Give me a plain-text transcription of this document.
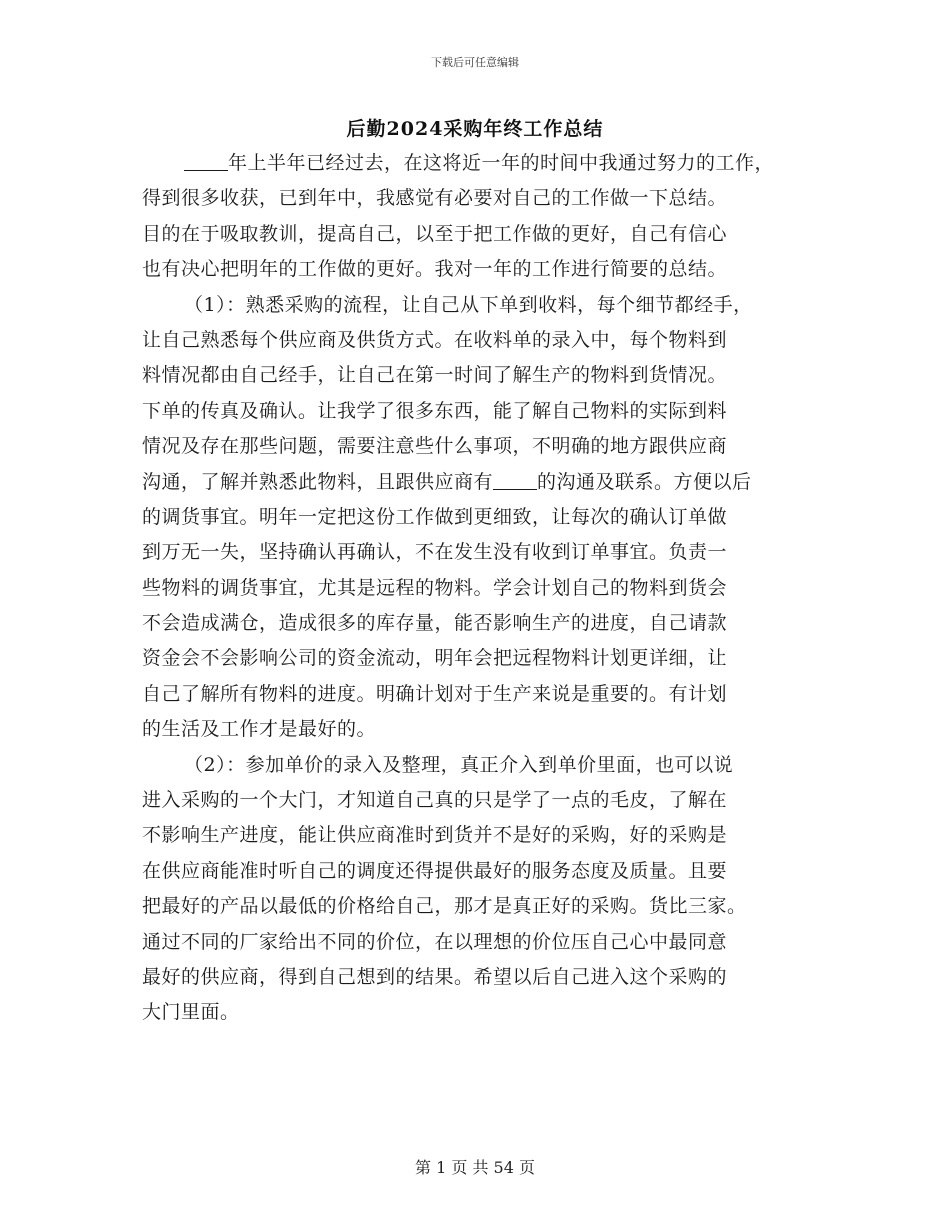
下载后可任意编辑
后勤2024采购年终工作总结
年上半年已经过去，在这将近一年的时间中我通过努力的工作，
得到很多收获，已到年中，我感觉有必要对自己的工作做一下总结。
目的在于吸取教训，提高自己，以至于把工作做的更好，自己有信心
也有决心把明年的工作做的更好。我对一年的工作进行简要的总结。
（1）：熟悉采购的流程，让自己从下单到收料，每个细节都经手，
让自己熟悉每个供应商及供货方式。在收料单的录入中，每个物料到
料情况都由自己经手，让自己在第一时间了解生产的物料到货情况。
下单的传真及确认。让我学了很多东西，能了解自己物料的实际到料
情况及存在那些问题，需要注意些什么事项，不明确的地方跟供应商
沟通，了解并熟悉此物料，且跟供应商有 的沟通及联系。方便以后
的调货事宜。明年一定把这份工作做到更细致，让每次的确认订单做
到万无一失，坚持确认再确认，不在发生没有收到订单事宜。负责一
些物料的调货事宜，尤其是远程的物料。学会计划自己的物料到货会
不会造成满仓，造成很多的库存量，能否影响生产的进度，自己请款
资金会不会影响公司的资金流动，明年会把远程物料计划更详细，让
自己了解所有物料的进度。明确计划对于生产来说是重要的。有计划
的生活及工作才是最好的。
（2）：参加单价的录入及整理，真正介入到单价里面，也可以说
进入采购的一个大门，才知道自己真的只是学了一点的毛皮，了解在
不影响生产进度，能让供应商准时到货并不是好的采购，好的采购是
在供应商能准时听自己的调度还得提供最好的服务态度及质量。且要
把最好的产品以最低的价格给自己，那才是真正好的采购。货比三家。
通过不同的厂家给出不同的价位，在以理想的价位压自己心中最同意
最好的供应商，得到自己想到的结果。希望以后自己进入这个采购的
大门里面。
第 1 页 共 54 页
